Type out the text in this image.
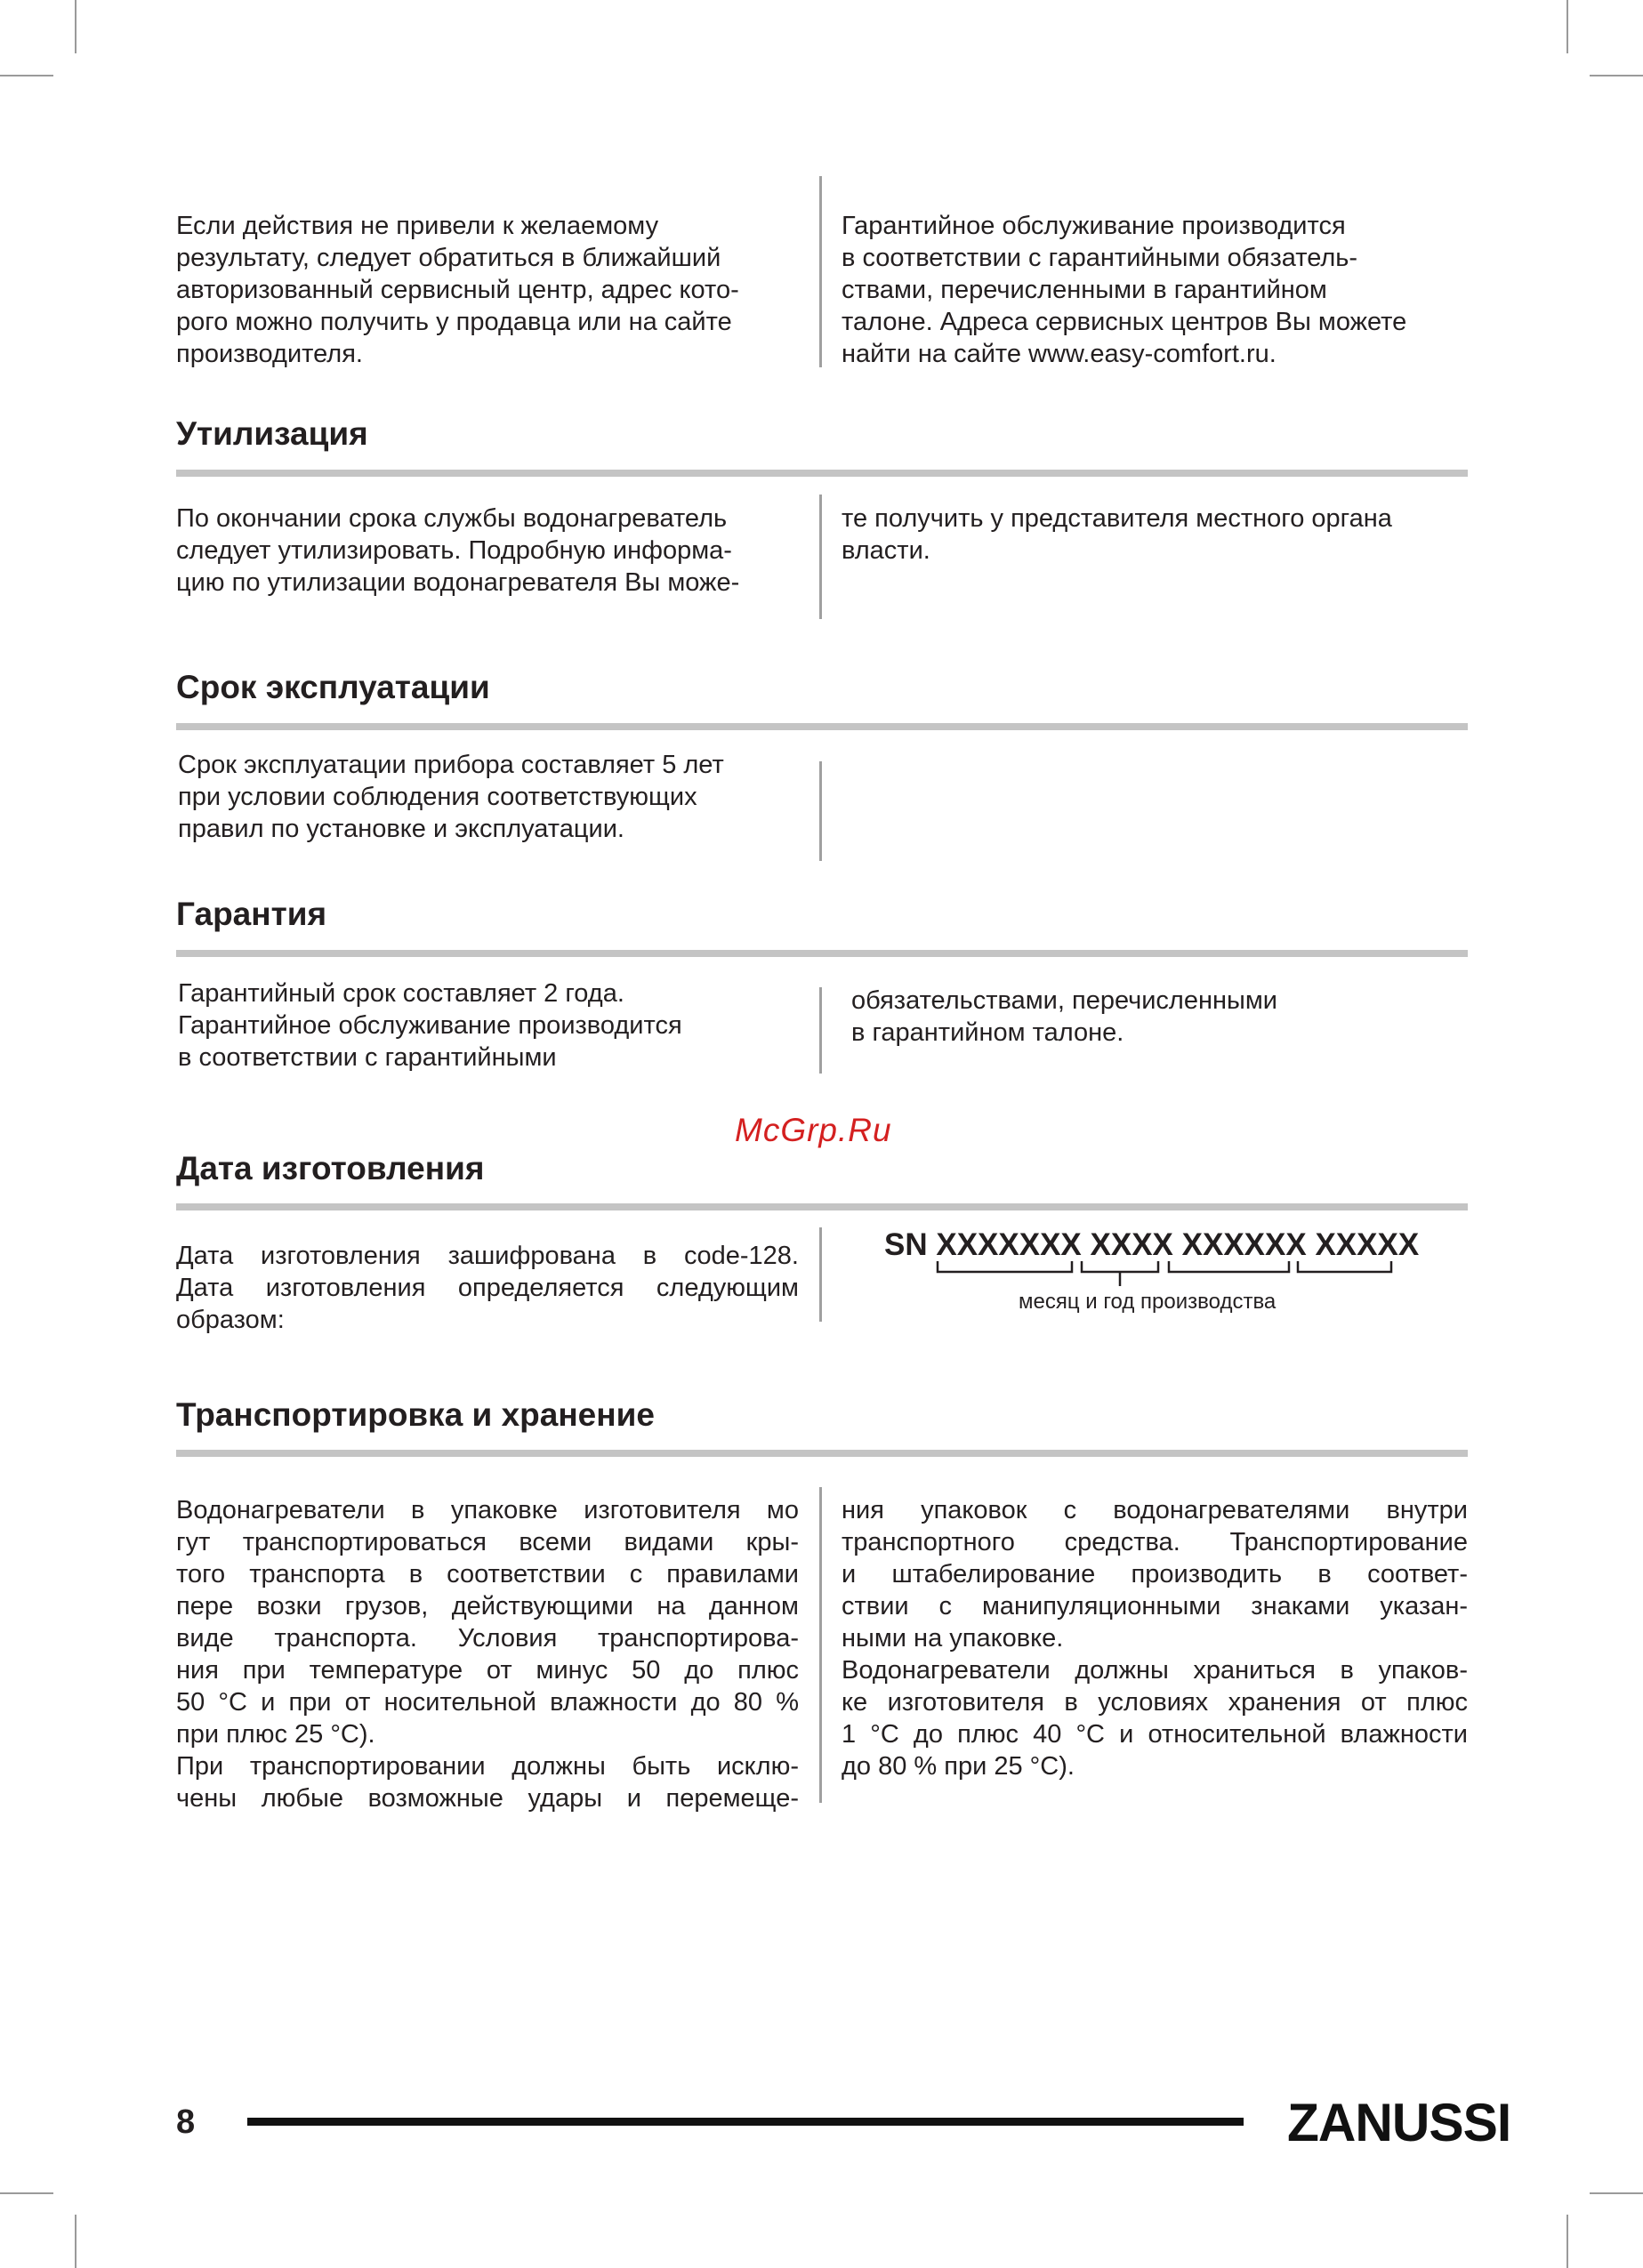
Если действия не привели к желаемому

результату, следует обратиться в ближайший

авторизованный сервисный центр, адрес кото-

рого можно получить у продавца или на сайте

производителя.

Гарантийное обслуживание производится

в соответствии с гарантийными обязатель-

ствами, перечисленными в гарантийном

талоне. Адреса сервисных центров Вы можете

найти на сайте www.easy-comfort.ru.

Утилизация

По окончании срока службы водонагреватель

следует утилизировать. Подробную информа-

цию по утилизации водонагревателя Вы може-

те получить у представителя местного органа

власти.

Срок эксплуатации

Срок эксплуатации прибора составляет 5 лет

при условии соблюдения соответствующих

правил по установке и эксплуатации.

Гарантия

Гарантийный срок составляет 2 года.

Гарантийное обслуживание производится

в соответствии с гарантийными

обязательствами, перечисленными

в гарантийном талоне.

McGrp.Ru
Дата изготовления

Дата изготовления зашифрована в code-128.

Дата изготовления определяется следующим

образом:

SN XXXXXXX XXXX XXXXXX XXXXX
месяц и год производства
Транспортировка и хранение

Водонагреватели в упаковке изготовителя мо

гут транспортироваться всеми видами кры-

того транспорта в соответствии с правилами

пере возки грузов, действующими на данном

виде транспорта. Условия транспортирова-

ния при температуре от минус 50 до плюс

50 °С и при от носительной влажности до 80 %

при плюс 25 °С).

При транспортировании должны быть исклю-

чены любые возможные удары и перемеще-

ния упаковок с водонагревателями внутри

транспортного средства. Транспортирование

и штабелирование производить в соответ-

ствии с манипуляционными знаками указан-

ными на упаковке.

Водонагреватели должны храниться в упаков-

ке изготовителя в условиях хранения от плюс

1 °С до плюс 40 °С и относительной влажности

до 80 % при 25 °С).

8	ZANUSSI
